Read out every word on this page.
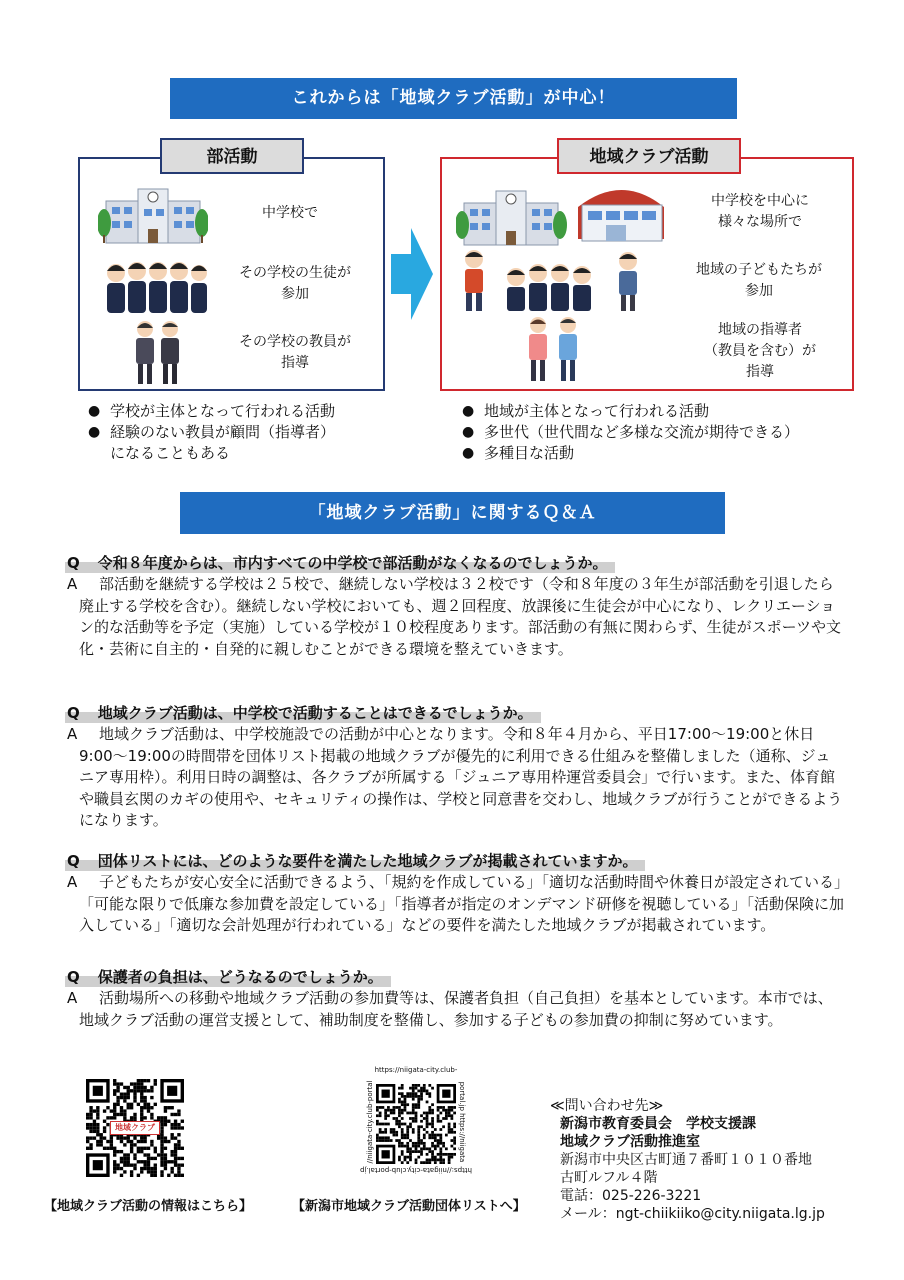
これからは「地域クラブ活動」が中心！
中学校で
その学校の生徒が
参加
その学校の教員が
指導
部活動
中学校を中心に
様々な場所で
地域の子どもたちが
参加
地域の指導者
（教員を含む）が
指導
地域クラブ活動
● 学校が主体となって行われる活動
● 経験のない教員が顧問（指導者）
になることもある
● 地域が主体となって行われる活動
● 多世代（世代間など多様な交流が期待できる）
● 多種目な活動
「地域クラブ活動」に関するＱ＆Ａ
Q 令和８年度からは、市内すべての中学校で部活動がなくなるのでしょうか。
A	部活動を継続する学校は２５校で、継続しない学校は３２校です（令和８年度の３年生が部活動を引退したら廃止する学校を含む）。継続しない学校においても、週２回程度、放課後に生徒会が中心になり、レクリエーション的な活動等を予定（実施）している学校が１０校程度あります。部活動の有無に関わらず、生徒がスポーツや文化・芸術に自主的・自発的に親しむことができる環境を整えていきます。
Q 地域クラブ活動は、中学校で活動することはできるでしょうか。
A	地域クラブ活動は、中学校施設での活動が中心となります。令和８年４月から、平日17:00～19:00と休日9:00～19:00の時間帯を団体リスト掲載の地域クラブが優先的に利用できる仕組みを整備しました（通称、ジュニア専用枠）。利用日時の調整は、各クラブが所属する「ジュニア専用枠運営委員会」で行います。また、体育館や職員玄関のカギの使用や、セキュリティの操作は、学校と同意書を交わし、地域クラブが行うことができるようになります。
Q 団体リストには、どのような要件を満たした地域クラブが掲載されていますか。
A	子どもたちが安心安全に活動できるよう、「規約を作成している」「適切な活動時間や休養日が設定されている」「可能な限りで低廉な参加費を設定している」「指導者が指定のオンデマンド研修を視聴している」「活動保険に加入している」「適切な会計処理が行われている」などの要件を満たした地域クラブが掲載されています。
Q 保護者の負担は、どうなるのでしょうか。
A	活動場所への移動や地域クラブ活動の参加費等は、保護者負担（自己負担）を基本としています。本市では、地域クラブ活動の運営支援として、補助制度を整備し、参加する子どもの参加費の抑制に努めています。
地域クラブ
【地域クラブ活動の情報はこちら】
https://niigata-city.club-
https://niigata-city.club-portal.jp
//niigata-city.club-portal	portal.jp https://niigata
【新潟市地域クラブ活動団体リストへ】
≪問い合わせ先≫
新潟市教育委員会　学校支援課
地域クラブ活動推進室
新潟市中央区古町通７番町１０１０番地
古町ルフル４階
電話：025-226-3221
メール：ngt-chiikiiko@city.niigata.lg.jp
